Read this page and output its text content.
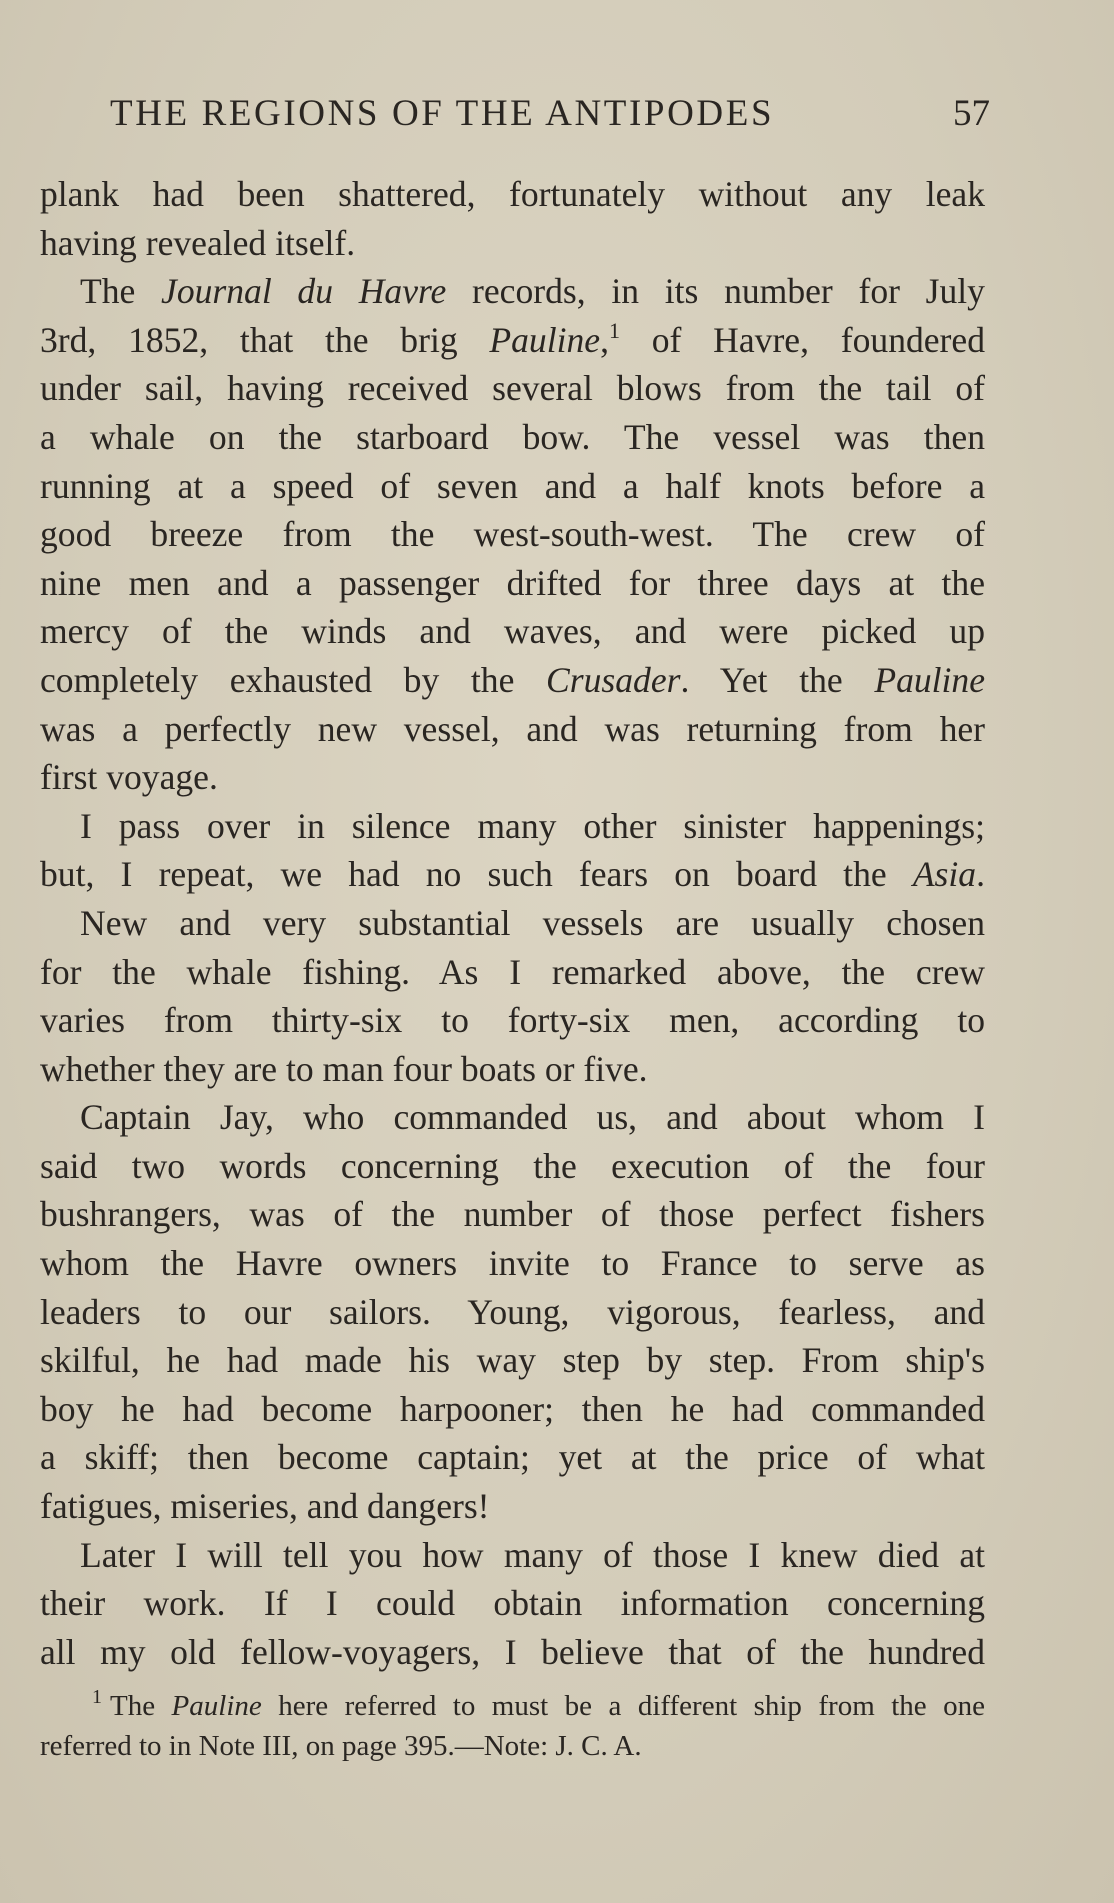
THE REGIONS OF THE ANTIPODES	57
plank had been shattered, fortunately without any leak
having revealed itself.
The Journal du Havre records, in its number for July
3rd, 1852, that the brig Pauline,$^1$ of Havre, foundered
under sail, having received several blows from the tail of
a whale on the starboard bow. The vessel was then
running at a speed of seven and a half knots before a
good breeze from the west-south-west. The crew of
nine men and a passenger drifted for three days at the
mercy of the winds and waves, and were picked up
completely exhausted by the Crusader. Yet the Pauline
was a perfectly new vessel, and was returning from her
first voyage.
I pass over in silence many other sinister happenings;
but, I repeat, we had no such fears on board the Asia.
New and very substantial vessels are usually chosen
for the whale fishing. As I remarked above, the crew
varies from thirty-six to forty-six men, according to
whether they are to man four boats or five.
Captain Jay, who commanded us, and about whom I
said two words concerning the execution of the four
bushrangers, was of the number of those perfect fishers
whom the Havre owners invite to France to serve as
leaders to our sailors. Young, vigorous, fearless, and
skilful, he had made his way step by step. From ship's
boy he had become harpooner; then he had commanded
a skiff; then become captain; yet at the price of what
fatigues, miseries, and dangers!
Later I will tell you how many of those I knew died at
their work. If I could obtain information concerning
all my old fellow-voyagers, I believe that of the hundred
$^1$ The Pauline here referred to must be a different ship from the one
referred to in Note III, on page 395.—Note: J. C. A.
